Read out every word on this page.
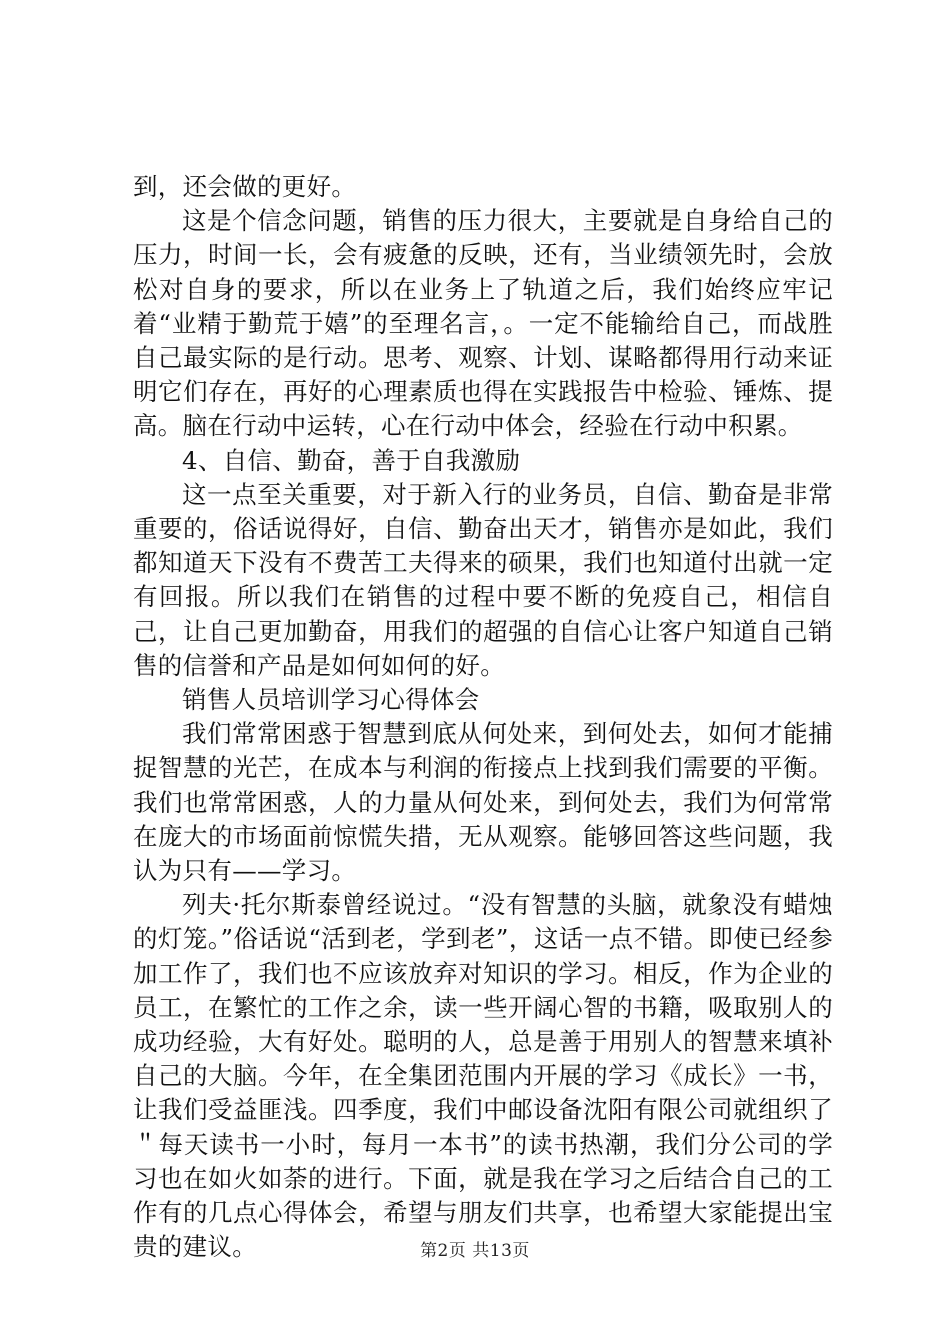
到，还会做的更好。

这是个信念问题，销售的压力很大，主要就是自身给自己的压力，时间一长，会有疲惫的反映，还有，当业绩领先时，会放松对自身的要求，所以在业务上了轨道之后，我们始终应牢记着“业精于勤荒于嬉”的至理名言，。一定不能输给自己，而战胜自己最实际的是行动。思考、观察、计划、谋略都得用行动来证明它们存在，再好的心理素质也得在实践报告中检验、锤炼、提高。脑在行动中运转，心在行动中体会，经验在行动中积累。

4、自信、勤奋，善于自我激励

这一点至关重要，对于新入行的业务员，自信、勤奋是非常重要的，俗话说得好，自信、勤奋出天才，销售亦是如此，我们都知道天下没有不费苦工夫得来的硕果，我们也知道付出就一定有回报。所以我们在销售的过程中要不断的免疫自己，相信自己，让自己更加勤奋，用我们的超强的自信心让客户知道自己销售的信誉和产品是如何如何的好。

销售人员培训学习心得体会

我们常常困惑于智慧到底从何处来，到何处去，如何才能捕捉智慧的光芒，在成本与利润的衔接点上找到我们需要的平衡。我们也常常困惑，人的力量从何处来，到何处去，我们为何常常在庞大的市场面前惊慌失措，无从观察。能够回答这些问题，我认为只有——学习。

列夫·托尔斯泰曾经说过。“没有智慧的头脑，就象没有蜡烛的灯笼。”俗话说“活到老，学到老”，这话一点不错。即使已经参加工作了，我们也不应该放弃对知识的学习。相反，作为企业的员工，在繁忙的工作之余，读一些开阔心智的书籍，吸取别人的成功经验，大有好处。聪明的人，总是善于用别人的智慧来填补自己的大脑。今年，在全集团范围内开展的学习《成长》一书，让我们受益匪浅。四季度，我们中邮设备沈阳有限公司就组织了＂每天读书一小时，每月一本书”的读书热潮，我们分公司的学习也在如火如荼的进行。下面，就是我在学习之后结合自己的工作有的几点心得体会，希望与朋友们共享，也希望大家能提出宝贵的建议。	第2页 共13页
